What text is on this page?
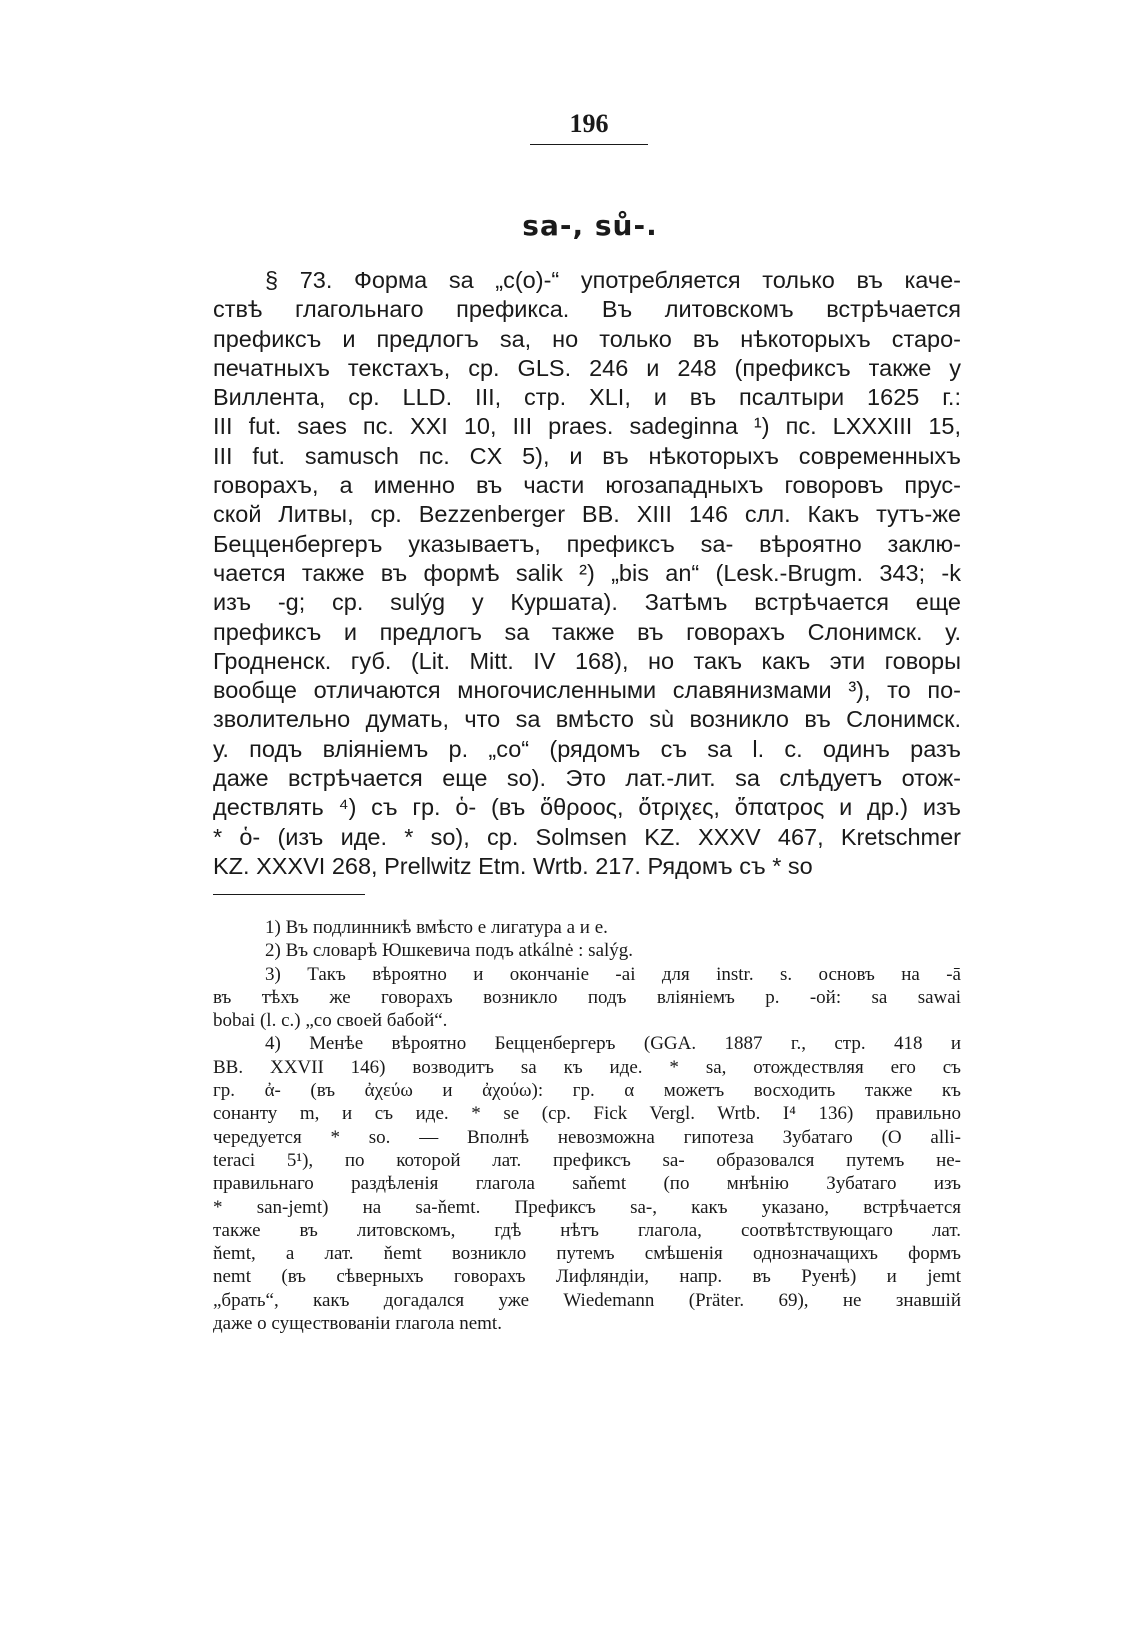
196
sa-, sů-.
§ 73. Форма sa „с(о)-“ употребляется только въ каче-
ствѣ глагольнаго префикса. Въ литовскомъ встрѣчается
префиксъ и предлогъ sa, но только въ нѣкоторыхъ старо-
печатныхъ текстахъ, ср. GLS. 246 и 248 (префиксъ также у
Виллента, ср. LLD. III, стр. XLI, и въ псалтыри 1625 г.:
III fut. saes пс. XXI 10, III praes. sadeginna ¹) пс. LXXXIII 15,
III fut. samusch пс. CX 5), и въ нѣкоторыхъ современныхъ
говорахъ, а именно въ части югозападныхъ говоровъ прус-
ской Литвы, ср. Bezzenberger BB. XIII 146 слл. Какъ тутъ-же
Бецценбергеръ указываетъ, префиксъ sa- вѣроятно заклю-
чается также въ формѣ salik ²) „bis an“ (Lesk.-Brugm. 343; -k
изъ -g; ср. sulýg у Куршата). Затѣмъ встрѣчается еще
префиксъ и предлогъ sa также въ говорахъ Слонимск. у.
Гродненск. губ. (Lit. Mitt. IV 168), но такъ какъ эти говоры
вообще отличаются многочисленными славянизмами ³), то по-
зволительно думать, что sa вмѣсто sù возникло въ Слонимск.
у. подъ вліяніемъ р. „со“ (рядомъ съ sa l. c. одинъ разъ
даже встрѣчается еще so). Это лат.-лит. sa слѣдуетъ отож-
дествлять ⁴) съ гр. ὁ- (въ ὅθροος, ὄτριχες, ὄπατρος и др.) изъ
* ὁ- (изъ иде. * so), ср. Solmsen KZ. XXXV 467, Kretschmer
KZ. XXXVI 268, Prellwitz Etm. Wrtb. 217. Рядомъ съ * so
1) Въ подлинникѣ вмѣсто e лигатура a и e.
2) Въ словарѣ Юшкевича подъ atkálnė : salýg.
3) Такъ вѣроятно и окончаніе -ai для instr. s. основъ на -ā
въ тѣхъ же говорахъ возникло подъ вліяніемъ р. -ой: sa sawai
bobai (l. c.) „со своей бабой“.
4) Менѣе вѣроятно Бецценбергеръ (GGA. 1887 г., стр. 418 и
BB. XXVII 146) возводитъ sa къ иде. * sa, отождествляя его съ
гр. ἀ- (въ ἀχεύω и ἀχούω): гр. α можетъ восходить также къ
сонанту m, и съ иде. * se (ср. Fick Vergl. Wrtb. I⁴ 136) правильно
чередуется * so. — Вполнѣ невозможна гипотеза Зубатаго (O alli-
teraci 5¹), по которой лат. префиксъ sa- образовался путемъ не-
правильнаго раздѣленія глагола saňemt (по мнѣнію Зубатаго изъ
* san-jemt) на sa-ňemt. Префиксъ sa-, какъ указано, встрѣчается
также въ литовскомъ, гдѣ нѣтъ глагола, соотвѣтствующаго лат.
ňemt, а лат. ňemt возникло путемъ смѣшенія однозначащихъ формъ
nemt (въ сѣверныхъ говорахъ Лифляндіи, напр. въ Руенѣ) и jemt
„брать“, какъ догадался уже Wiedemann (Präter. 69), не знавшій
даже о существованіи глагола nemt.
